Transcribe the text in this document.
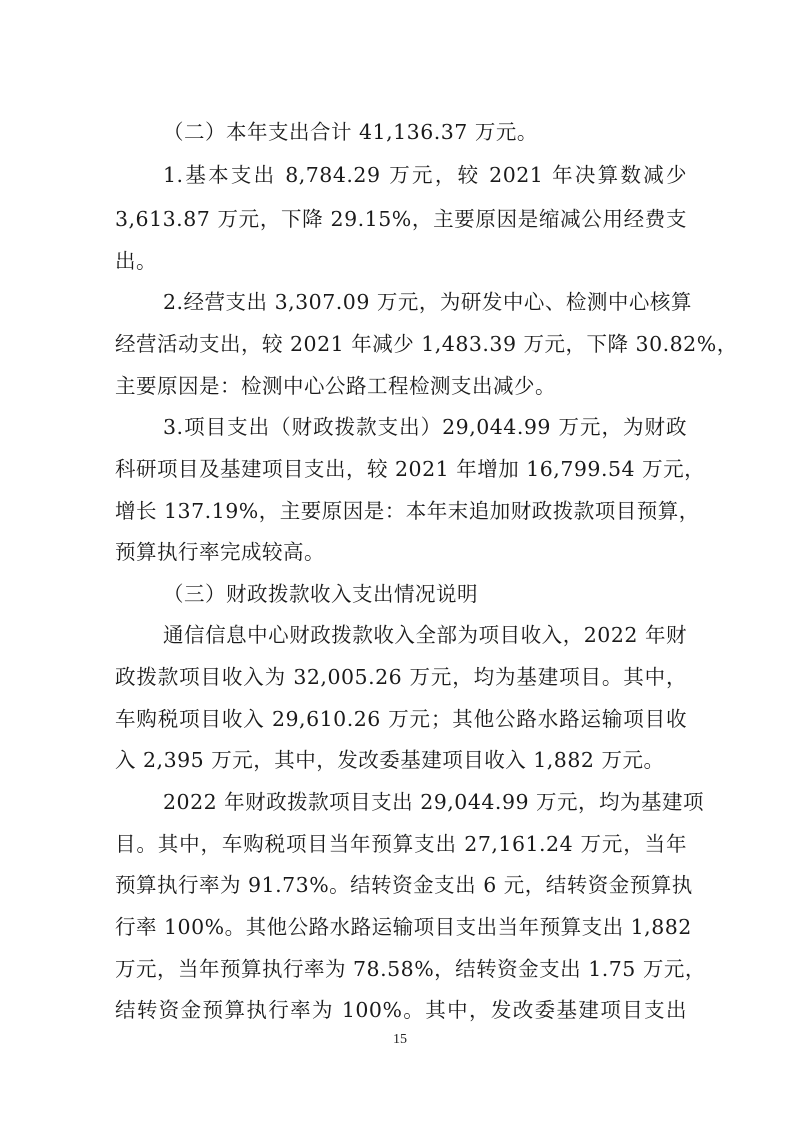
（二）本年支出合计 41,136.37 万元。
1.基本支出 8,784.29 万元，较 2021 年决算数减少
3,613.87 万元，下降 29.15%，主要原因是缩减公用经费支
出。
2.经营支出 3,307.09 万元，为研发中心、检测中心核算
经营活动支出，较 2021 年减少 1,483.39 万元，下降 30.82%，
主要原因是：检测中心公路工程检测支出减少。
3.项目支出（财政拨款支出）29,044.99 万元，为财政
科研项目及基建项目支出，较 2021 年增加 16,799.54 万元，
增长 137.19%，主要原因是：本年末追加财政拨款项目预算，
预算执行率完成较高。
（三）财政拨款收入支出情况说明
通信信息中心财政拨款收入全部为项目收入，2022 年财
政拨款项目收入为 32,005.26 万元，均为基建项目。其中，
车购税项目收入 29,610.26 万元；其他公路水路运输项目收
入 2,395 万元，其中，发改委基建项目收入 1,882 万元。
2022 年财政拨款项目支出 29,044.99 万元，均为基建项
目。其中，车购税项目当年预算支出 27,161.24 万元，当年
预算执行率为 91.73%。结转资金支出 6 元，结转资金预算执
行率 100%。其他公路水路运输项目支出当年预算支出 1,882
万元，当年预算执行率为 78.58%，结转资金支出 1.75 万元，
结转资金预算执行率为 100%。其中，发改委基建项目支出
15
